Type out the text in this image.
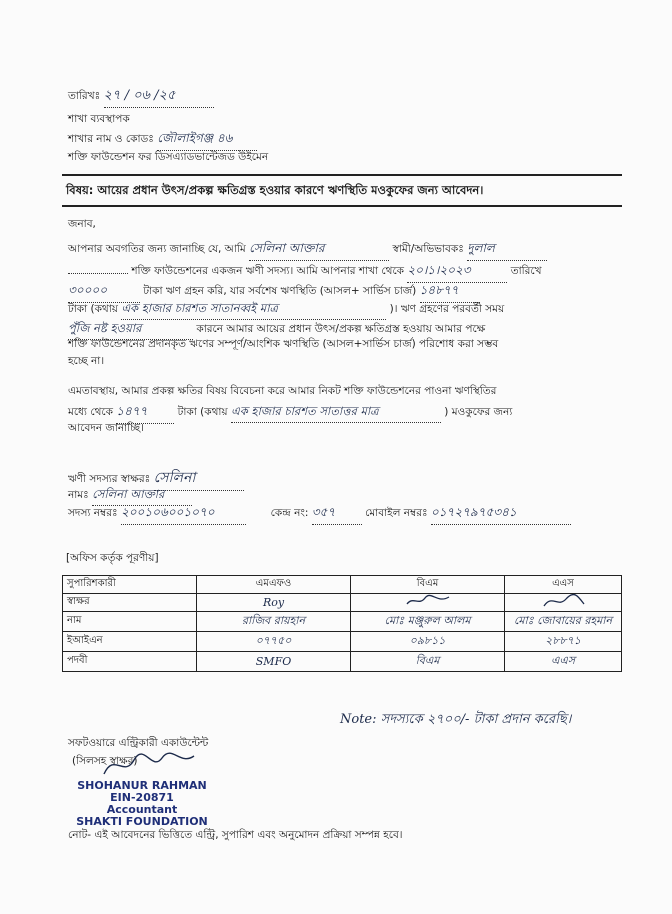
তারিখঃ ২৭ / ০৬ /২৫
শাখা ব্যবস্থাপক
শাখার নাম ও কোডঃ জৌলাইগঞ্জ ৪৬
শক্তি ফাউন্ডেশন ফর ডিসএ্যাডভান্টেজড উইমেন
বিষয়: আয়ের প্রধান উৎস/প্রকল্প ক্ষতিগ্রস্ত হওয়ার কারণে ঋণস্থিতি মওকুফের জন্য আবেদন।
জনাব,
আপনার অবগতির জন্য জানাচ্ছি যে, আমি সেলিনা আক্তার	স্বামী/অভিভাবকঃ দুলাল
শক্তি ফাউন্ডেশনের একজন ঋণী সদস্য। আমি আপনার শাখা থেকে ২০।১।২০২৩	তারিখে
৩০০০০	টাকা ঋণ গ্রহন করি, যার সর্বশেষ ঋণস্থিতি (আসল+ সার্ভিস চার্জ) ১৪৮৭৭
টাকা (কথায় এক হাজার চারশত সাতানব্বই মাত্র	)। ঋণ গ্রহণের পরবর্তী সময়
পুঁজি নষ্ট হওয়ার	কারনে আমার আয়ের প্রধান উৎস/প্রকল্প ক্ষতিগ্রস্ত হওয়ায় আমার পক্ষে
শক্তি ফাউন্ডেশনের প্রদানকৃত ঋণের সম্পূর্ণ/আংশিক ঋণস্থিতি (আসল+সার্ভিস চার্জ) পরিশোধ করা সম্ভব
হচ্ছে না।
এমতাবস্থায়, আমার প্রকল্প ক্ষতির বিষয় বিবেচনা করে আমার নিকট শক্তি ফাউন্ডেশনের পাওনা ঋণস্থিতির
মধ্যে থেকে ১৪৭৭	টাকা (কথায় এক হাজার চারশত সাতাত্তর মাত্র	) মওকুফের জন্য
আবেদন জানাচ্ছি।
ঋণী সদস্যর স্বাক্ষরঃ সেলিনা
নামঃ সেলিনা আক্তার
সদস্য নম্বরঃ ২০০১০৬০০১০৭০	কেন্দ্র নং: ৩৫৭	মোবাইল নম্বরঃ ০১৭২৭৯৭৫৩৪১
[অফিস কর্তৃক পূরণীয়]
সুপারিশকারী	এমএফও	বিএম	এএস
স্বাক্ষর	Roy		
নাম	রাজিব রায়হান	মোঃ মঞ্জুরুল আলম	মোঃ জোবায়ের রহমান
ইআইএন	০৭৭৫০	০৯৮১১	২৮৮৭১
পদবী	SMFO	বিএম	এএস
Note: সদস্যকে ২৭০০/- টাকা প্রদান করেছি।
সফটওয়ারে এন্ট্রিকারী একাউন্টেন্ট
(সিলসহ স্বাক্ষর)
SHOHANUR RAHMAN
EIN-20871
Accountant
SHAKTI FOUNDATION
নোট- এই আবেদনের ভিত্তিতে এন্ট্রি, সুপারিশ এবং অনুমোদন প্রক্রিয়া সম্পন্ন হবে।
